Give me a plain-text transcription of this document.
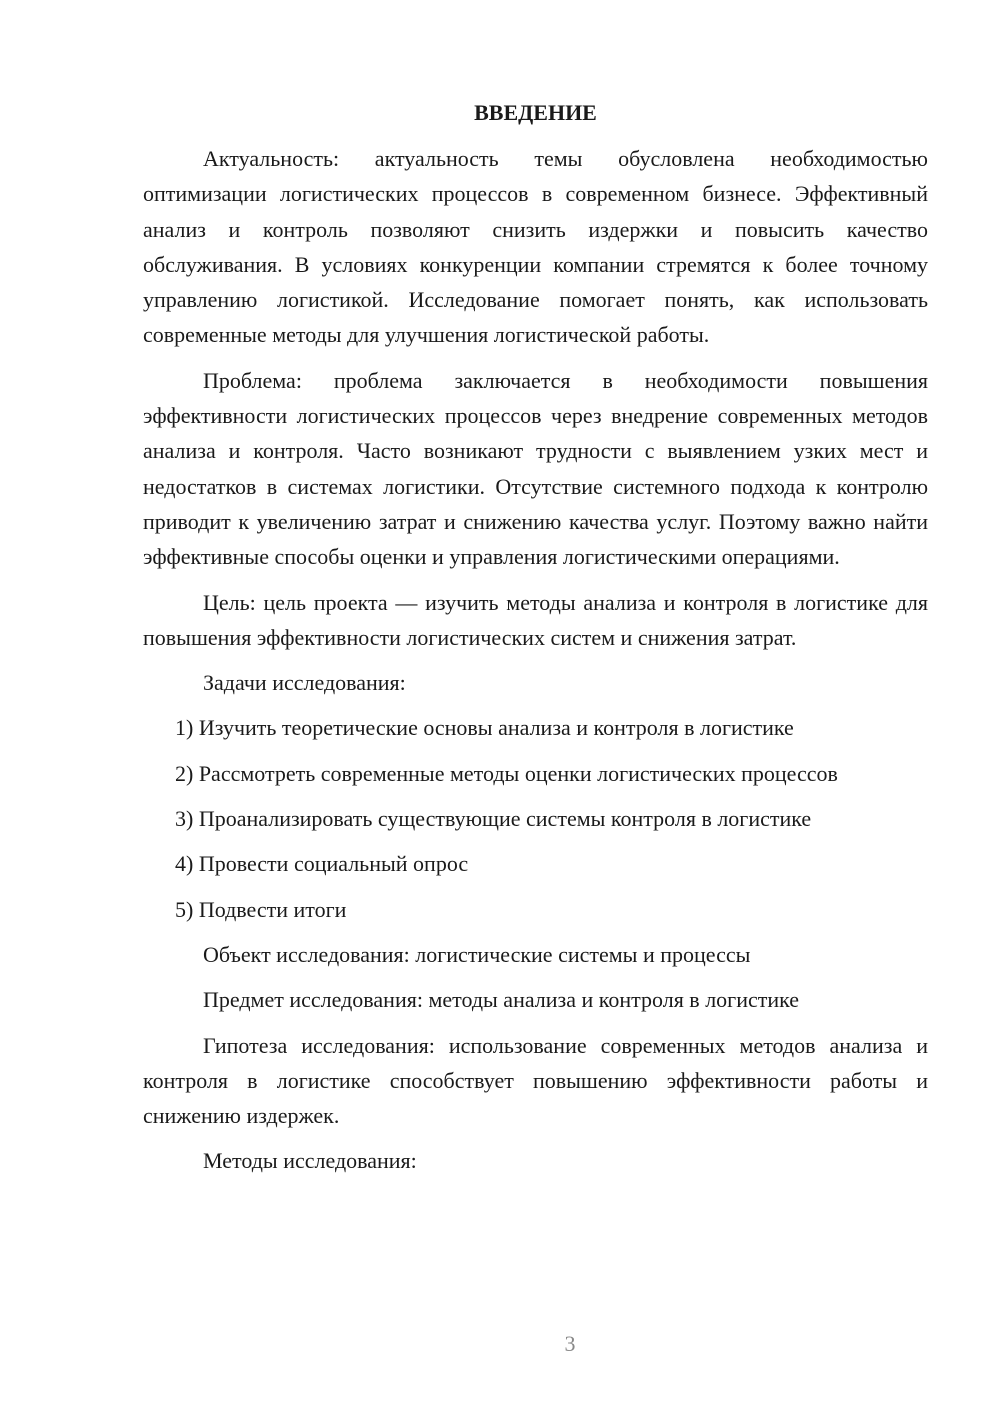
ВВЕДЕНИЕ

Актуальность: актуальность темы обусловлена необходимостью оптимизации логистических процессов в современном бизнесе. Эффективный анализ и контроль позволяют снизить издержки и повысить качество обслуживания. В условиях конкуренции компании стремятся к более точному управлению логистикой. Исследование помогает понять, как использовать современные методы для улучшения логистической работы.

Проблема: проблема заключается в необходимости повышения эффективности логистических процессов через внедрение современных методов анализа и контроля. Часто возникают трудности с выявлением узких мест и недостатков в системах логистики. Отсутствие системного подхода к контролю приводит к увеличению затрат и снижению качества услуг. Поэтому важно найти эффективные способы оценки и управления логистическими операциями.

Цель: цель проекта — изучить методы анализа и контроля в логистике для повышения эффективности логистических систем и снижения затрат.

Задачи исследования:

1) Изучить теоретические основы анализа и контроля в логистике
2) Рассмотреть современные методы оценки логистических процессов
3) Проанализировать существующие системы контроля в логистике
4) Провести социальный опрос
5) Подвести итоги

Объект исследования: логистические системы и процессы

Предмет исследования: методы анализа и контроля в логистике

Гипотеза исследования: использование современных методов анализа и контроля в логистике способствует повышению эффективности работы и снижению издержек.

Методы исследования:

3
